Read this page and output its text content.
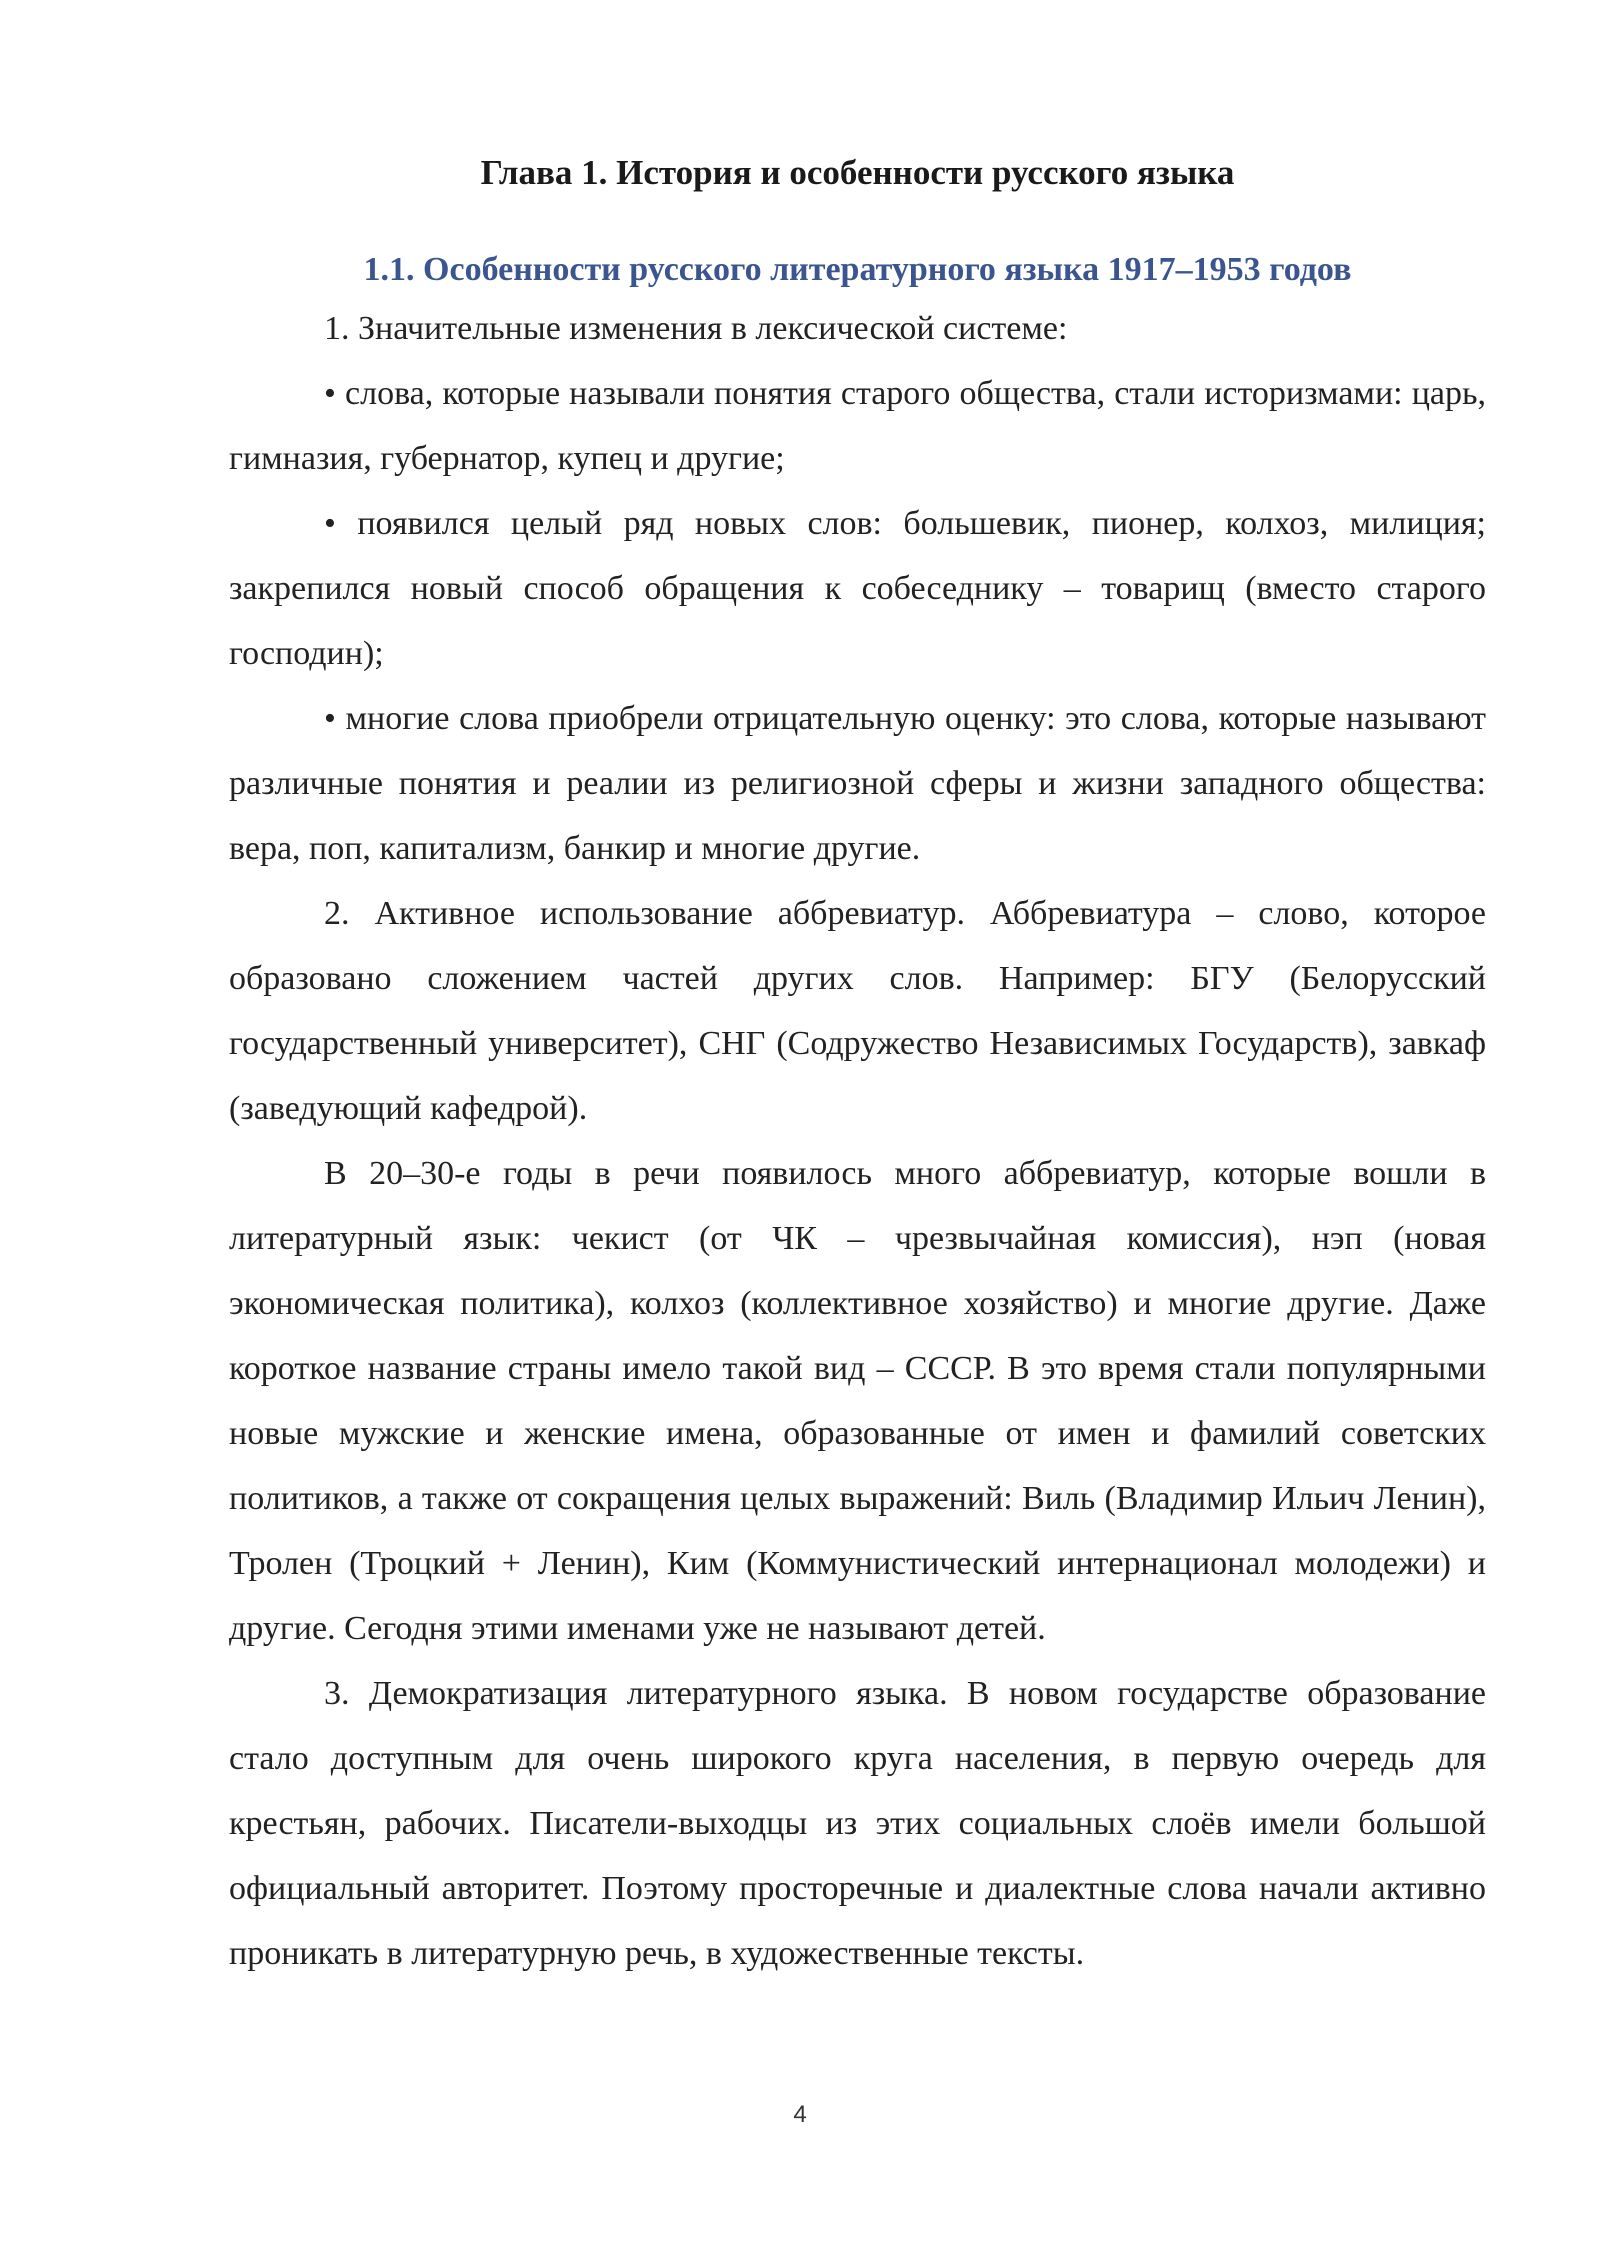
Глава 1. История и особенности русского языка
1.1. Особенности русского литературного языка 1917–1953 годов

1. Значительные изменения в лексической системе:

• слова, которые называли понятия старого общества, стали историзмами: царь, гимназия, губернатор, купец и другие;

• появился целый ряд новых слов: большевик, пионер, колхоз, милиция; закрепился новый способ обращения к собеседнику – товарищ (вместо старого господин);

• многие слова приобрели отрицательную оценку: это слова, которые называют различные понятия и реалии из религиозной сферы и жизни западного общества: вера, поп, капитализм, банкир и многие другие.

2. Активное использование аббревиатур. Аббревиатура – слово, которое образовано сложением частей других слов. Например: БГУ (Белорусский государственный университет), СНГ (Содружество Независимых Государств), завкаф (заведующий кафедрой).

В 20–30-е годы в речи появилось много аббревиатур, которые вошли в литературный язык: чекист (от ЧК – чрезвычайная комиссия), нэп (новая экономическая политика), колхоз (коллективное хозяйство) и многие другие. Даже короткое название страны имело такой вид – СССР. В это время стали популярными новые мужские и женские имена, образованные от имен и фамилий советских политиков, а также от сокращения целых выражений: Виль (Владимир Ильич Ленин), Тролен (Троцкий + Ленин), Ким (Коммунистический интернационал молодежи) и другие. Сегодня этими именами уже не называют детей.

3. Демократизация литературного языка. В новом государстве образование стало доступным для очень широкого круга населения, в первую очередь для крестьян, рабочих. Писатели-выходцы из этих социальных слоёв имели большой официальный авторитет. Поэтому просторечные и диалектные слова начали активно проникать в литературную речь, в художественные тексты.

4
